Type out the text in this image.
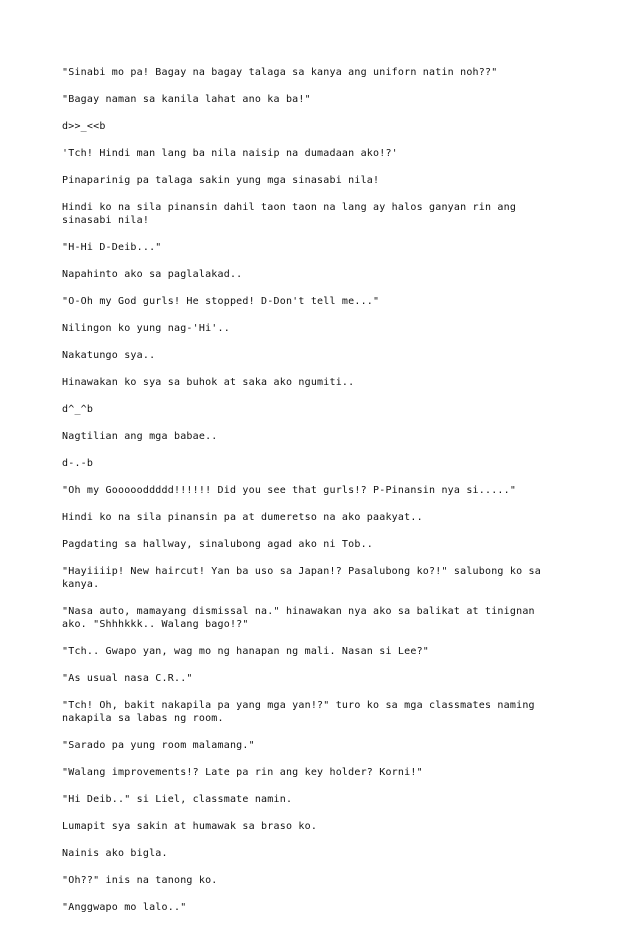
"Sinabi mo pa! Bagay na bagay talaga sa kanya ang uniforn natin noh??"

"Bagay naman sa kanila lahat ano ka ba!"

d>>_<<b

'Tch! Hindi man lang ba nila naisip na dumadaan ako!?'

Pinaparinig pa talaga sakin yung mga sinasabi nila!

Hindi ko na sila pinansin dahil taon taon na lang ay halos ganyan rin ang
sinasabi nila!

"H-Hi D-Deib..."

Napahinto ako sa paglalakad..

"O-Oh my God gurls! He stopped! D-Don't tell me..."

Nilingon ko yung nag-'Hi'..

Nakatungo sya..

Hinawakan ko sya sa buhok at saka ako ngumiti..

d^_^b

Nagtilian ang mga babae..

d-.-b

"Oh my Goooooddddd!!!!!! Did you see that gurls!? P-Pinansin nya si....."

Hindi ko na sila pinansin pa at dumeretso na ako paakyat..

Pagdating sa hallway, sinalubong agad ako ni Tob..

"Hayiiiip! New haircut! Yan ba uso sa Japan!? Pasalubong ko?!" salubong ko sa
kanya.

"Nasa auto, mamayang dismissal na." hinawakan nya ako sa balikat at tinignan
ako. "Shhhkkk.. Walang bago!?"

"Tch.. Gwapo yan, wag mo ng hanapan ng mali. Nasan si Lee?"

"As usual nasa C.R.."

"Tch! Oh, bakit nakapila pa yang mga yan!?" turo ko sa mga classmates naming
nakapila sa labas ng room.

"Sarado pa yung room malamang."

"Walang improvements!? Late pa rin ang key holder? Korni!"

"Hi Deib.." si Liel, classmate namin.

Lumapit sya sakin at humawak sa braso ko.

Nainis ako bigla.

"Oh??" inis na tanong ko.

"Anggwapo mo lalo.."
